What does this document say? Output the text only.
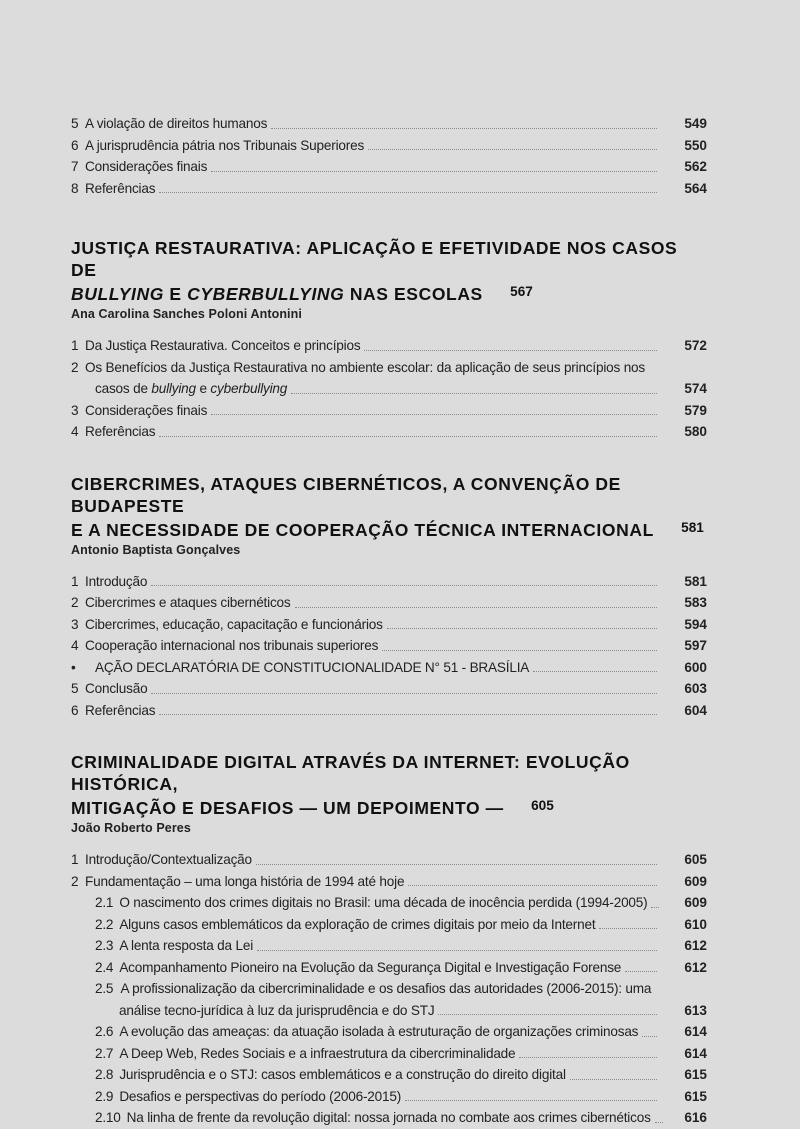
5 A violação de direitos humanos	549
6 A jurisprudência pátria nos Tribunais Superiores	550
7 Considerações finais	562
8 Referências	564
JUSTIÇA RESTAURATIVA: APLICAÇÃO E EFETIVIDADE NOS CASOS DE
BULLYING E CYBERBULLYING NAS ESCOLAS	567
Ana Carolina Sanches Poloni Antonini
1 Da Justiça Restaurativa. Conceitos e princípios	572
2 Os Benefícios da Justiça Restaurativa no ambiente escolar: da aplicação de seus princípios nos
casos de bullying e cyberbullying	574
3 Considerações finais	579
4 Referências	580
CIBERCRIMES, ATAQUES CIBERNÉTICOS, A CONVENÇÃO DE BUDAPESTE
E A NECESSIDADE DE COOPERAÇÃO TÉCNICA INTERNACIONAL	581
Antonio Baptista Gonçalves
1 Introdução	581
2 Cibercrimes e ataques cibernéticos	583
3 Cibercrimes, educação, capacitação e funcionários	594
4 Cooperação internacional nos tribunais superiores	597
•	AÇÃO DECLARATÓRIA DE CONSTITUCIONALIDADE N° 51 - BRASÍLIA	600
5 Conclusão	603
6 Referências	604
CRIMINALIDADE DIGITAL ATRAVÉS DA INTERNET: EVOLUÇÃO HISTÓRICA,
MITIGAÇÃO E DESAFIOS — UM DEPOIMENTO —	605
João Roberto Peres
1 Introdução/Contextualização	605
2 Fundamentação – uma longa história de 1994 até hoje	609
2.1 O nascimento dos crimes digitais no Brasil: uma década de inocência perdida (1994-2005)	609
2.2 Alguns casos emblemáticos da exploração de crimes digitais por meio da Internet	610
2.3 A lenta resposta da Lei	612
2.4 Acompanhamento Pioneiro na Evolução da Segurança Digital e Investigação Forense	612
2.5 A profissionalização da cibercriminalidade e os desafios das autoridades (2006-2015): uma
análise tecno-jurídica à luz da jurisprudência e do STJ	613
2.6 A evolução das ameaças: da atuação isolada à estruturação de organizações criminosas	614
2.7 A Deep Web, Redes Sociais e a infraestrutura da cibercriminalidade	614
2.8 Jurisprudência e o STJ: casos emblemáticos e a construção do direito digital	615
2.9 Desafios e perspectivas do período (2006-2015)	615
2.10 Na linha de frente da revolução digital: nossa jornada no combate aos crimes cibernéticos	616
